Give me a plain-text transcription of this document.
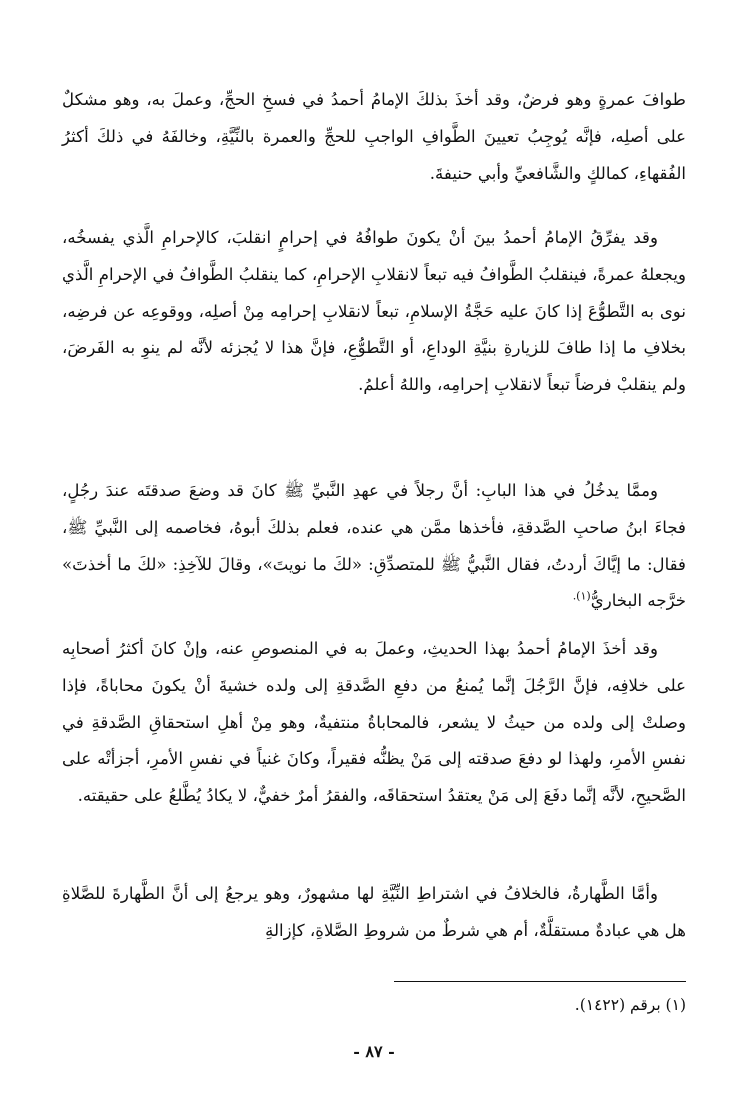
طوافَ عمرةٍ وهو فرضٌ، وقد أخذَ بذلكَ الإمامُ أحمدُ في فسخِ الحجِّ، وعملَ به، وهو مشكلٌ على أصلِه، فإنَّه يُوجِبُ تعيينَ الطَّوافِ الواجبِ للحجِّ والعمرة بالنِّيَّةِ، وخالفَهُ في ذلكَ أكثرُ الفُقهاءِ، كمالكٍ والشَّافعيِّ وأبي حنيفةَ.

وقد يفرِّقُ الإمامُ أحمدُ بينَ أنْ يكونَ طوافُهُ في إحرامٍ انقلبَ، كالإحرامِ الَّذي يفسخُه، ويجعلهُ عمرةً، فينقلبُ الطَّوافُ فيه تبعاً لانقلابِ الإحرامِ، كما ينقلبُ الطَّوافُ في الإحرامِ الَّذي نوى به التَّطوُّعَ إذا كانَ عليه حَجَّةُ الإسلامِ، تبعاً لانقلابِ إحرامِه مِنْ أصلِه، ووقوعِه عن فرضِه، بخلافِ ما إذا طافَ للزيارةِ بنيَّةِ الوداعِ، أو التَّطوُّعِ، فإنَّ هذا لا يُجزئه لأنَّه لم ينوِ به الفَرضَ، ولم ينقلبْ فرضاً تبعاً لانقلابِ إحرامِه، واللهُ أعلمُ.

وممَّا يدخُلُ في هذا البابِ: أنَّ رجلاً في عهدِ النَّبيِّ ﷺ كانَ قد وضعَ صدقتَه عندَ رجُلٍ، فجاءَ ابنُ صاحبِ الصَّدقةِ، فأخذها ممَّن هي عنده، فعلم بذلكَ أبوهُ، فخاصمه إلى النَّبيِّ ﷺ، فقال: ما إيَّاكَ أردتُ، فقال النَّبيُّ ﷺ للمتصدِّقِ: «لكَ ما نويتَ»، وقالَ للآخِذِ: «لكَ ما أخذتَ» خرَّجه البخاريُّ$^{(١).}$

وقد أخذَ الإمامُ أحمدُ بهذا الحديثِ، وعملَ به في المنصوصِ عنه، وإنْ كانَ أكثرُ أصحابِه على خلافِه، فإنَّ الرَّجُلَ إنَّما يُمنعُ من دفعِ الصَّدقةِ إلى ولده خشيةَ أنْ يكونَ محاباةً، فإذا وصلتْ إلى ولده من حيثُ لا يشعر، فالمحاباةُ منتفيةٌ، وهو مِنْ أهلِ استحقاقِ الصَّدقةِ في نفسِ الأمرِ، ولهذا لو دفعَ صدقته إلى مَنْ يظنُّه فقيراً، وكانَ غنياً في نفسِ الأمرِ، أجزأتْه على الصَّحيحِ، لأنَّه إنَّما دفَعَ إلى مَنْ يعتقدُ استحقاقَه، والفقرُ أمرٌ خفيٌّ، لا يكادُ يُطَّلعُ على حقيقته.

وأمَّا الطَّهارةُ، فالخلافُ في اشتراطِ النِّيَّةِ لها مشهورٌ، وهو يرجعُ إلى أنَّ الطَّهارةَ للصَّلاةِ هل هي عبادةٌ مستقلَّةٌ، أم هي شرطٌ من شروطِ الصَّلاةِ، كإزالةِ

(١) برقم (١٤٢٢).

- ٨٧ -
